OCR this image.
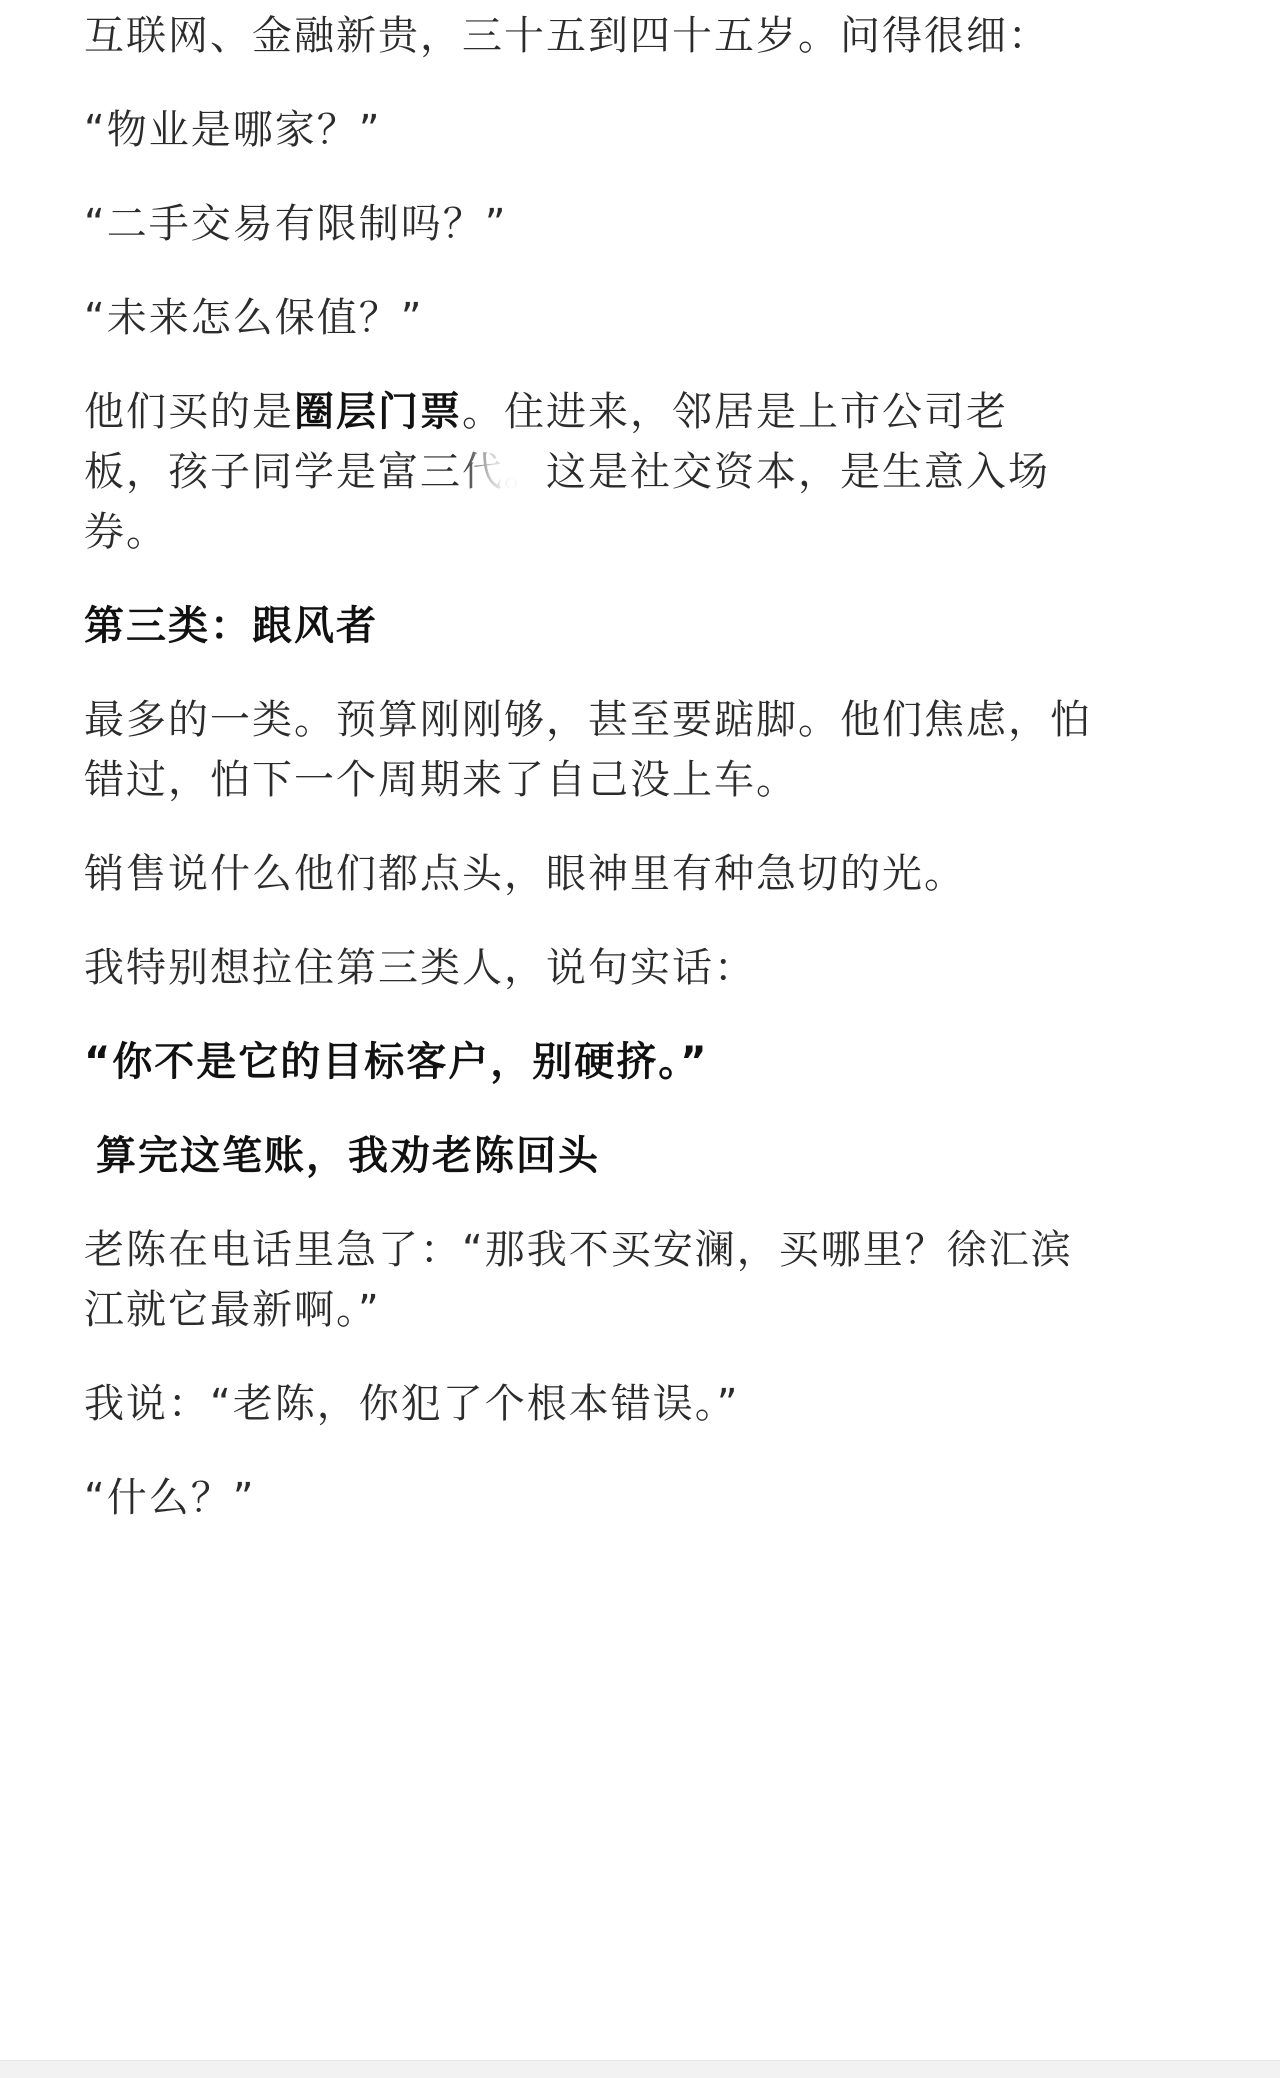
互联网、金融新贵，三十五到四十五岁。问得很细：

“物业是哪家？”

“二手交易有限制吗？”

“未来怎么保值？”

他们买的是圈层门票。住进来，邻居是上市公司老

板，孩子同学是富三代。这是社交资本，是生意入场

券。

第三类：跟风者

最多的一类。预算刚刚够，甚至要踮脚。他们焦虑，怕

错过，怕下一个周期来了自己没上车。

销售说什么他们都点头，眼神里有种急切的光。

我特别想拉住第三类人，说句实话：

“你不是它的目标客户，别硬挤。”

算完这笔账，我劝老陈回头

老陈在电话里急了：“那我不买安澜，买哪里？徐汇滨

江就它最新啊。”

我说：“老陈，你犯了个根本错误。”

“什么？”
